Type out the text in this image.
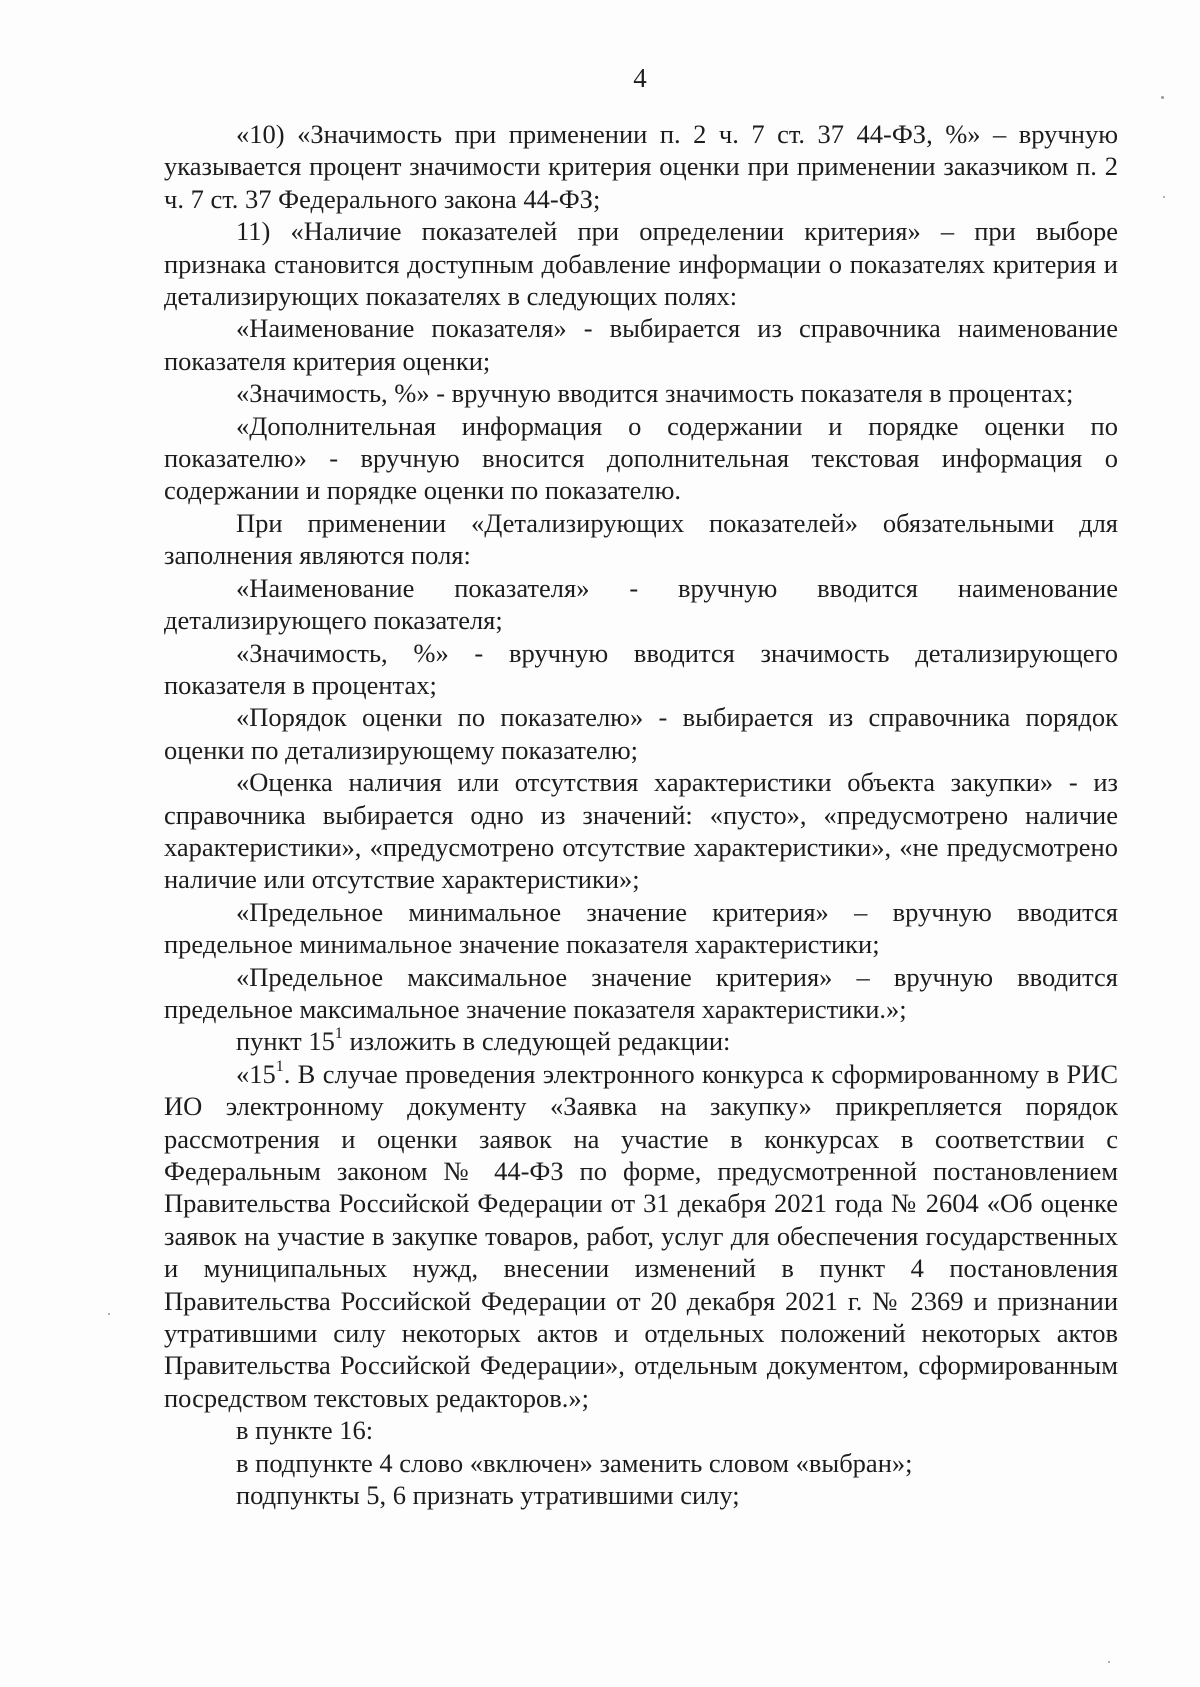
4

«10) «Значимость при применении п. 2 ч. 7 ст. 37 44-ФЗ, %» – вручную указывается процент значимости критерия оценки при применении заказчиком п. 2 ч. 7 ст. 37 Федерального закона 44-ФЗ;

11) «Наличие показателей при определении критерия» – при выборе признака становится доступным добавление информации о показателях критерия и детализирующих показателях в следующих полях:

«Наименование показателя» - выбирается из справочника наименование показателя критерия оценки;

«Значимость, %» - вручную вводится значимость показателя в процентах;

«Дополнительная информация о содержании и порядке оценки по показателю» - вручную вносится дополнительная текстовая информация о содержании и порядке оценки по показателю.

При применении «Детализирующих показателей» обязательными для заполнения являются поля:

«Наименование показателя» - вручную вводится наименование детализирующего показателя;

«Значимость, %» - вручную вводится значимость детализирующего показателя в процентах;

«Порядок оценки по показателю» - выбирается из справочника порядок оценки по детализирующему показателю;

«Оценка наличия или отсутствия характеристики объекта закупки» - из справочника выбирается одно из значений: «пусто», «предусмотрено наличие характеристики», «предусмотрено отсутствие характеристики», «не предусмотрено наличие или отсутствие характеристики»;

«Предельное минимальное значение критерия» – вручную вводится предельное минимальное значение показателя характеристики;

«Предельное максимальное значение критерия» – вручную вводится предельное максимальное значение показателя характеристики.»;

пункт $15^1$ изложить в следующей редакции:

«$15^1$. В случае проведения электронного конкурса к сформированному в РИС ИО электронному документу «Заявка на закупку» прикрепляется порядок рассмотрения и оценки заявок на участие в конкурсах в соответствии с Федеральным законом № 44-ФЗ по форме, предусмотренной постановлением Правительства Российской Федерации от 31 декабря 2021 года № 2604 «Об оценке заявок на участие в закупке товаров, работ, услуг для обеспечения государственных и муниципальных нужд, внесении изменений в пункт 4 постановления Правительства Российской Федерации от 20 декабря 2021 г. № 2369 и признании утратившими силу некоторых актов и отдельных положений некоторых актов Правительства Российской Федерации», отдельным документом, сформированным посредством текстовых редакторов.»;

в пункте 16:

в подпункте 4 слово «включен» заменить словом «выбран»;

подпункты 5, 6 признать утратившими силу;
